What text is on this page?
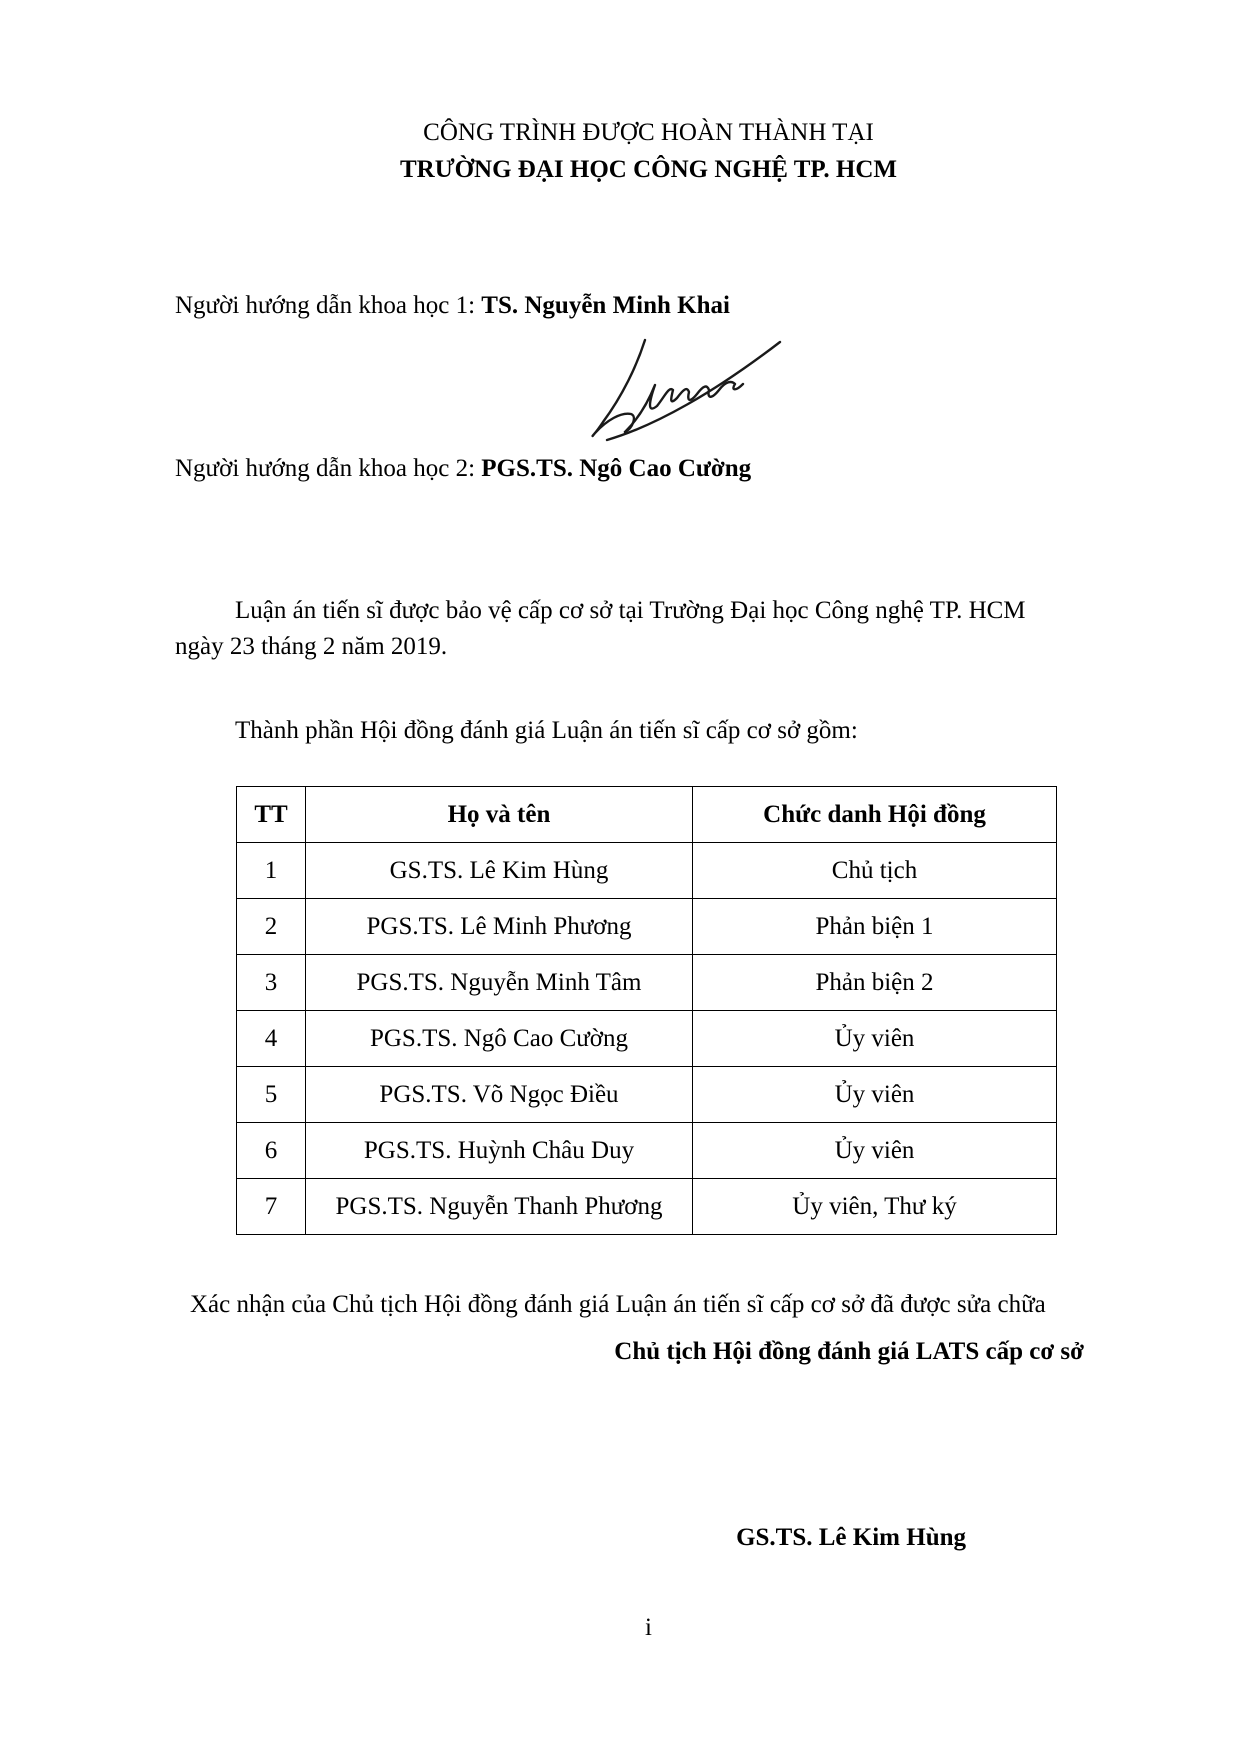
CÔNG TRÌNH ĐƯỢC HOÀN THÀNH TẠI
TRƯỜNG ĐẠI HỌC CÔNG NGHỆ TP. HCM
Người hướng dẫn khoa học 1: TS. Nguyễn Minh Khai
Người hướng dẫn khoa học 2: PGS.TS. Ngô Cao Cường
Luận án tiến sĩ được bảo vệ cấp cơ sở tại Trường Đại học Công nghệ TP. HCM
ngày 23 tháng 2 năm 2019.
Thành phần Hội đồng đánh giá Luận án tiến sĩ cấp cơ sở gồm:
TT	Họ và tên	Chức danh Hội đồng
1	GS.TS. Lê Kim Hùng	Chủ tịch
2	PGS.TS. Lê Minh Phương	Phản biện 1
3	PGS.TS. Nguyễn Minh Tâm	Phản biện 2
4	PGS.TS. Ngô Cao Cường	Ủy viên
5	PGS.TS. Võ Ngọc Điều	Ủy viên
6	PGS.TS. Huỳnh Châu Duy	Ủy viên
7	PGS.TS. Nguyễn Thanh Phương	Ủy viên, Thư ký
Xác nhận của Chủ tịch Hội đồng đánh giá Luận án tiến sĩ cấp cơ sở đã được sửa chữa
Chủ tịch Hội đồng đánh giá LATS cấp cơ sở
GS.TS. Lê Kim Hùng
i
